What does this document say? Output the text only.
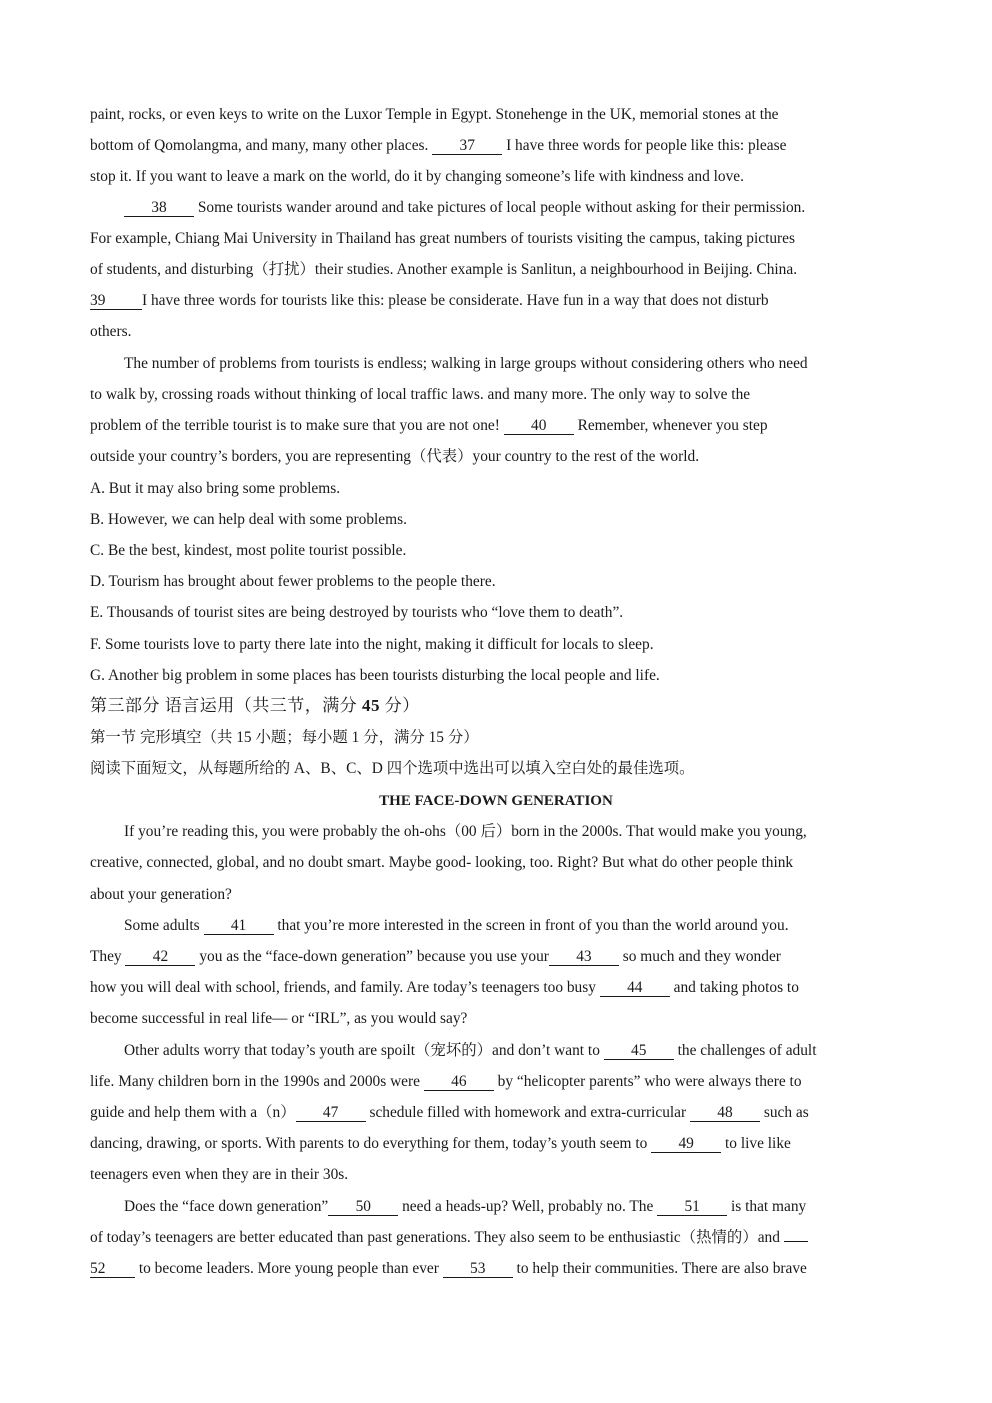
paint, rocks, or even keys to write on the Luxor Temple in Egypt. Stonehenge in the UK, memorial stones at the
bottom of Qomolangma, and many, many other places. 37 I have three words for people like this: please
stop it. If you want to leave a mark on the world, do it by changing someone’s life with kindness and love.
38 Some tourists wander around and take pictures of local people without asking for their permission.
For example, Chiang Mai University in Thailand has great numbers of tourists visiting the campus, taking pictures
of students, and disturbing（打扰）their studies. Another example is Sanlitun, a neighbourhood in Beijing. China.
39 I have three words for tourists like this: please be considerate. Have fun in a way that does not disturb
others.
The number of problems from tourists is endless; walking in large groups without considering others who need
to walk by, crossing roads without thinking of local traffic laws. and many more. The only way to solve the
problem of the terrible tourist is to make sure that you are not one! 40 Remember, whenever you step
outside your country’s borders, you are representing（代表）your country to the rest of the world.
A. But it may also bring some problems.
B. However, we can help deal with some problems.
C. Be the best, kindest, most polite tourist possible.
D. Tourism has brought about fewer problems to the people there.
E. Thousands of tourist sites are being destroyed by tourists who “love them to death”.
F. Some tourists love to party there late into the night, making it difficult for locals to sleep.
G. Another big problem in some places has been tourists disturbing the local people and life.
第三部分 语言运用（共三节，满分 45 分）
第一节 完形填空（共 15 小题；每小题 1 分，满分 15 分）
阅读下面短文，从每题所给的 A、B、C、D 四个选项中选出可以填入空白处的最佳选项。
THE FACE-DOWN GENERATION
If you’re reading this, you were probably the oh-ohs（00 后）born in the 2000s. That would make you young,
creative, connected, global, and no doubt smart. Maybe good- looking, too. Right? But what do other people think
about your generation?
Some adults 41 that you’re more interested in the screen in front of you than the world around you.
They 42 you as the “face-down generation” because you use your 43 so much and they wonder
how you will deal with school, friends, and family. Are today’s teenagers too busy 44 and taking photos to
become successful in real life— or “IRL”, as you would say?
Other adults worry that today’s youth are spoilt（宠坏的）and don’t want to 45 the challenges of adult
life. Many children born in the 1990s and 2000s were 46 by “helicopter parents” who were always there to
guide and help them with a（n） 47 schedule filled with homework and extra-curricular 48 such as
dancing, drawing, or sports. With parents to do everything for them, today’s youth seem to 49 to live like
teenagers even when they are in their 30s.
Does the “face down generation” 50 need a heads-up? Well, probably no. The 51 is that many
of today’s teenagers are better educated than past generations. They also seem to be enthusiastic（热情的）and
52 to become leaders. More young people than ever 53 to help their communities. There are also brave
